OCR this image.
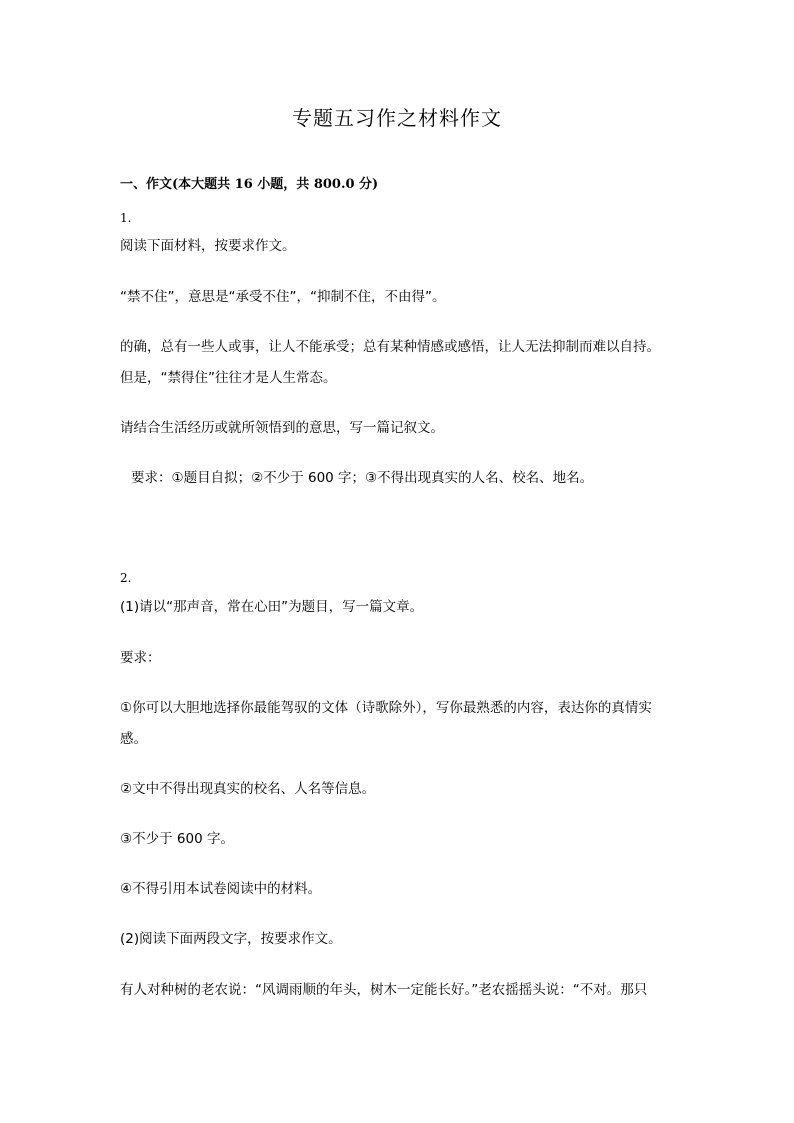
专题五习作之材料作文
一、作文(本大题共 16 小题，共 800.0 分)
1.
阅读下面材料，按要求作文。
“禁不住”，意思是“承受不住”，“抑制不住，不由得”。
的确，总有一些人或事，让人不能承受；总有某种情感或感悟，让人无法抑制而难以自持。
但是，“禁得住”往往才是人生常态。
请结合生活经历或就所领悟到的意思，写一篇记叙文。
要求：①题目自拟；②不少于 600 字；③不得出现真实的人名、校名、地名。
2.
(1)请以“那声音，常在心田”为题目，写一篇文章。
要求：
①你可以大胆地选择你最能驾驭的文体（诗歌除外），写你最熟悉的内容，表达你的真情实
感。
②文中不得出现真实的校名、人名等信息。
③不少于 600 字。
④不得引用本试卷阅读中的材料。
(2)阅读下面两段文字，按要求作文。
有人对种树的老农说：“风调雨顺的年头，树木一定能长好。”老农摇摇头说：“不对。那只
